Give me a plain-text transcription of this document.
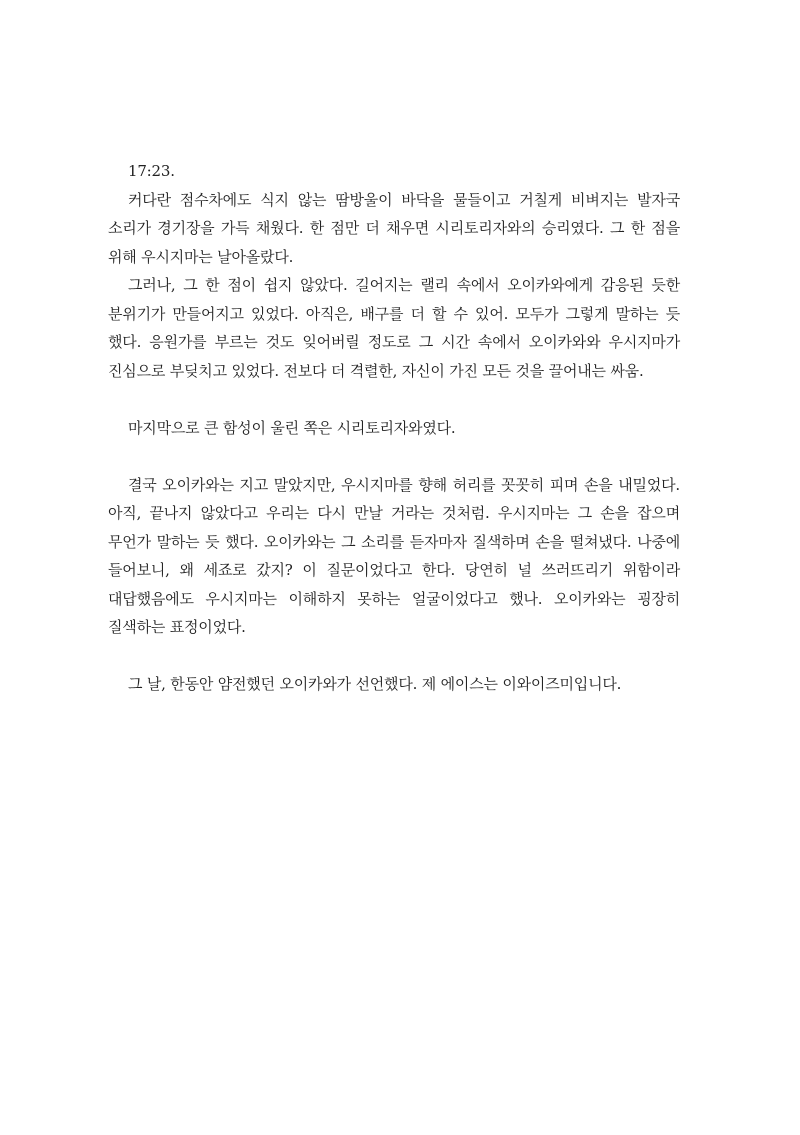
17:23.

커다란 점수차에도 식지 않는 땀방울이 바닥을 물들이고 거칠게 비벼지는 발자국 소리가 경기장을 가득 채웠다. 한 점만 더 채우면 시리토리자와의 승리였다. 그 한 점을 위해 우시지마는 날아올랐다.

그러나, 그 한 점이 쉽지 않았다. 길어지는 랠리 속에서 오이카와에게 감응된 듯한 분위기가 만들어지고 있었다. 아직은, 배구를 더 할 수 있어. 모두가 그렇게 말하는 듯 했다. 응원가를 부르는 것도 잊어버릴 정도로 그 시간 속에서 오이카와와 우시지마가 진심으로 부딪치고 있었다. 전보다 더 격렬한, 자신이 가진 모든 것을 끌어내는 싸움.

마지막으로 큰 함성이 울린 쪽은 시리토리자와였다.

결국 오이카와는 지고 말았지만, 우시지마를 향해 허리를 꼿꼿히 피며 손을 내밀었다. 아직, 끝나지 않았다고 우리는 다시 만날 거라는 것처럼. 우시지마는 그 손을 잡으며 무언가 말하는 듯 했다. 오이카와는 그 소리를 듣자마자 질색하며 손을 떨쳐냈다. 나중에 들어보니, 왜 세죠로 갔지? 이 질문이었다고 한다. 당연히 널 쓰러뜨리기 위함이라 대답했음에도 우시지마는 이해하지 못하는 얼굴이었다고 했나. 오이카와는 굉장히 질색하는 표정이었다.

그 날, 한동안 얌전했던 오이카와가 선언했다. 제 에이스는 이와이즈미입니다.
